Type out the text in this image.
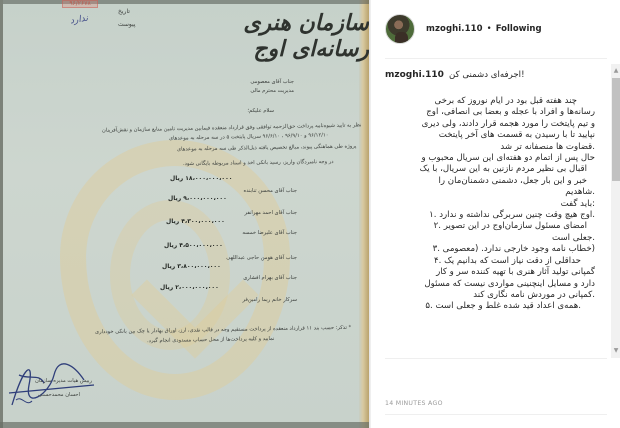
۹۶/۲۶۷۸
ندارد
تاریخ
پیوست	سازمان هنری رسانه‌ای اوج
جناب آقای معصومی
مدیریت محترم مالی
سلام علیکم؛
نظر به تایید شیوه‌نامه پرداخت حق‌الزحمه توافقی وفق قرارداد منعقده فیمابین مدیریت تامین منابع سازمان و نقش‌آفرینان
۹۶/۱۲/۱۰ و ۹۶/۹/۱۰ ، ۹۶/۶/۱۰ سریال پایتخت ۵ در سه مرحله به موعدهای
پروژه طی هماهنگی پیوند، مبالغ تخصیص یافته ذیل‌الذکر طی سه مرحله به موعدهای
در وجه نامبردگان واریز، رسید بانکی اخذ و اسناد مربوطه بایگانی شود.
۱۸،۰۰۰،۰۰۰،۰۰۰ ریال
جناب آقای محسن تنابنده
۹،۰۰۰،۰۰۰،۰۰۰ ریال
جناب آقای احمد مهرانفر
۴،۳۰۰،۰۰۰،۰۰۰ ریال
جناب آقای علیرضا خمسه
۴،۵۰۰،۰۰۰،۰۰۰ ریال
جناب آقای هومن حاجی عبداللهی
۳،۸۰۰،۰۰۰،۰۰۰ ریال
جناب آقای بهرام افشاری
۲،۰۰۰،۰۰۰،۰۰۰ ریال
سرکار خانم ریما رامین‌فر
* تذکر: حسب بند ۱۱ قرارداد منعقده از پرداخت مستقیم وجه در قالب نقدی، ارز، اوراق بهادار یا چک بین بانکی خودداری
نمایید و کلیه پرداخت‌ها از محل حساب مسدودی انجام گیرد.
رییس هیات مدیره سازمان
احسان محمدحسنی
mzoghi.110 • Following
mzoghi.110 !اجرفه‌ای دشمنی کن

چند هفته قبل بود در ایام نوروز که برخی

رسانه‌ها و افراد با عجله و بعضا بی انصافی، اوج

و تیم پایتخت را مورد هجمه قرار دادند، ولی دیری

نپایید تا با رسیدن به قسمت های آخر پایتخت

.قضاوت ها منصفانه تر شد

حال پس از اتمام دو هفته‌ای این سریال محبوب و

اقبال بی نظیر مردم نازنین به این سریال، با یک

خبر و این بار جعل، دشمنی دشمنان‌مان را

.شاهدیم

:باید گفت

.اوج هیچ وقت چنین سربرگی نداشته و ندارد .۱

امضای مسئول سازمان‌اوج در این تصویر .۲

.جعلی است

(خطاب نامه وجود خارجی ندارد. (معصومی .۳

حداقلی از دقت نیاز است که بدانیم یک .۴

گمپانی تولید آثار هنری با تهیه کننده سر و کار

دارد و مسایل اینچنینی مواردی نیست که مسئول

.کمپانی در موردش نامه نگاری کند

.همه‌ی اعداد قید شده غلط و جعلی است .۵

▲
▼
14 MINUTES AGO
